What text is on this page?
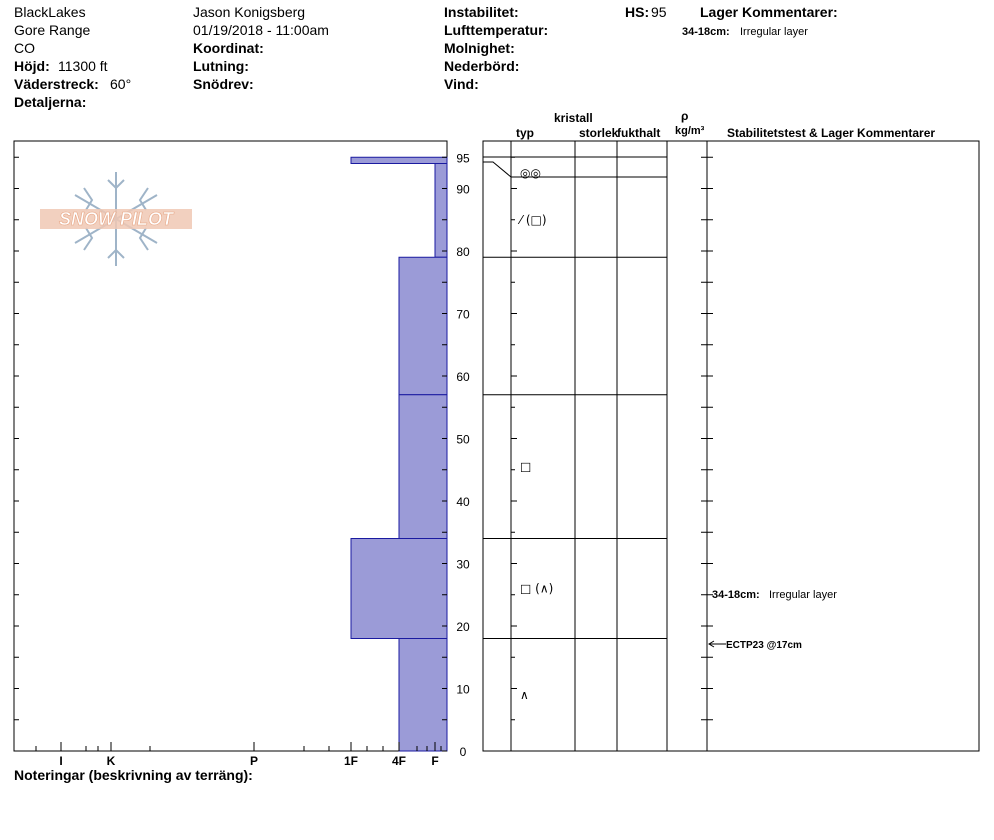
BlackLakes
Gore Range
CO
Höjd: 11300 ft
Väderstreck: 60°
Detaljerna:
Jason Konigsberg
01/19/2018 - 11:00am
Koordinat:
Lutning:
Snödrev:
Instabilitet:
Lufttemperatur:
Molnighet:
Nederbörd:
Vind:
HS: 95 Lager Kommentarer:
34-18cm: Irregular layer
kristall
typ	storlek
fukthalt
ρ
kg/m³ Stabilitetstest & Lager Kommentarer
SNOW PILOT
0
10
20
30
40
50
60
70
80
90
95
I	K	P	1F	4F F
◎◎
⁄ (□)
□
□ (∧)
∧
34-18cm: Irregular layer
ECTP23 @17cm
Noteringar (beskrivning av terräng):
